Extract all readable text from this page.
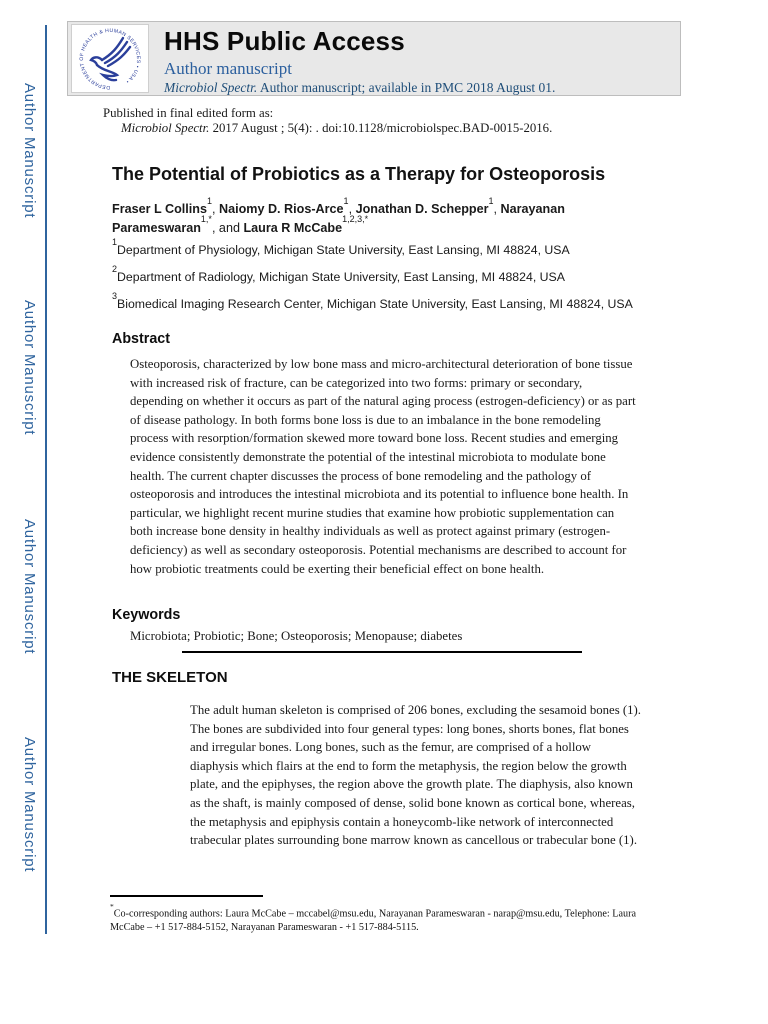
Author Manuscript
Author Manuscript
Author Manuscript
Author Manuscript
DEPARTMENT OF HEALTH & HUMAN SERVICES • USA •
HHS Public Access
Author manuscript
Microbiol Spectr. Author manuscript; available in PMC 2018 August 01.
Published in final edited form as:
Microbiol Spectr. 2017 August ; 5(4): . doi:10.1128/microbiolspec.BAD-0015-2016.
The Potential of Probiotics as a Therapy for Osteoporosis

Fraser L Collins$^1$, Naiomy D. Rios-Arce$^1$, Jonathan D. Schepper$^1$, Narayanan Parameswaran$^{1,*}$, and Laura R McCabe$^{1,2,3,*}$

$^1$Department of Physiology, Michigan State University, East Lansing, MI 48824, USA
$^2$Department of Radiology, Michigan State University, East Lansing, MI 48824, USA
$^3$Biomedical Imaging Research Center, Michigan State University, East Lansing, MI 48824, USA
Abstract

Osteoporosis, characterized by low bone mass and micro-architectural deterioration of bone tissue with increased risk of fracture, can be categorized into two forms: primary or secondary, depending on whether it occurs as part of the natural aging process (estrogen-deficiency) or as part of disease pathology. In both forms bone loss is due to an imbalance in the bone remodeling process with resorption/formation skewed more toward bone loss. Recent studies and emerging evidence consistently demonstrate the potential of the intestinal microbiota to modulate bone health. The current chapter discusses the process of bone remodeling and the pathology of osteoporosis and introduces the intestinal microbiota and its potential to influence bone health. In particular, we highlight recent murine studies that examine how probiotic supplementation can both increase bone density in healthy individuals as well as protect against primary (estrogen-deficiency) as well as secondary osteoporosis. Potential mechanisms are described to account for how probiotic treatments could be exerting their beneficial effect on bone health.

Keywords

Microbiota; Probiotic; Bone; Osteoporosis; Menopause; diabetes

THE SKELETON

The adult human skeleton is comprised of 206 bones, excluding the sesamoid bones (1). The bones are subdivided into four general types: long bones, shorts bones, flat bones and irregular bones. Long bones, such as the femur, are comprised of a hollow diaphysis which flairs at the end to form the metaphysis, the region below the growth plate, and the epiphyses, the region above the growth plate. The diaphysis, also known as the shaft, is mainly composed of dense, solid bone known as cortical bone, whereas, the metaphysis and epiphysis contain a honeycomb-like network of interconnected trabecular plates surrounding bone marrow known as cancellous or trabecular bone (1).

*Co-corresponding authors: Laura McCabe – mccabel@msu.edu, Narayanan Parameswaran - narap@msu.edu, Telephone: Laura McCabe – +1 517-884-5152, Narayanan Parameswaran - +1 517-884-5115.
